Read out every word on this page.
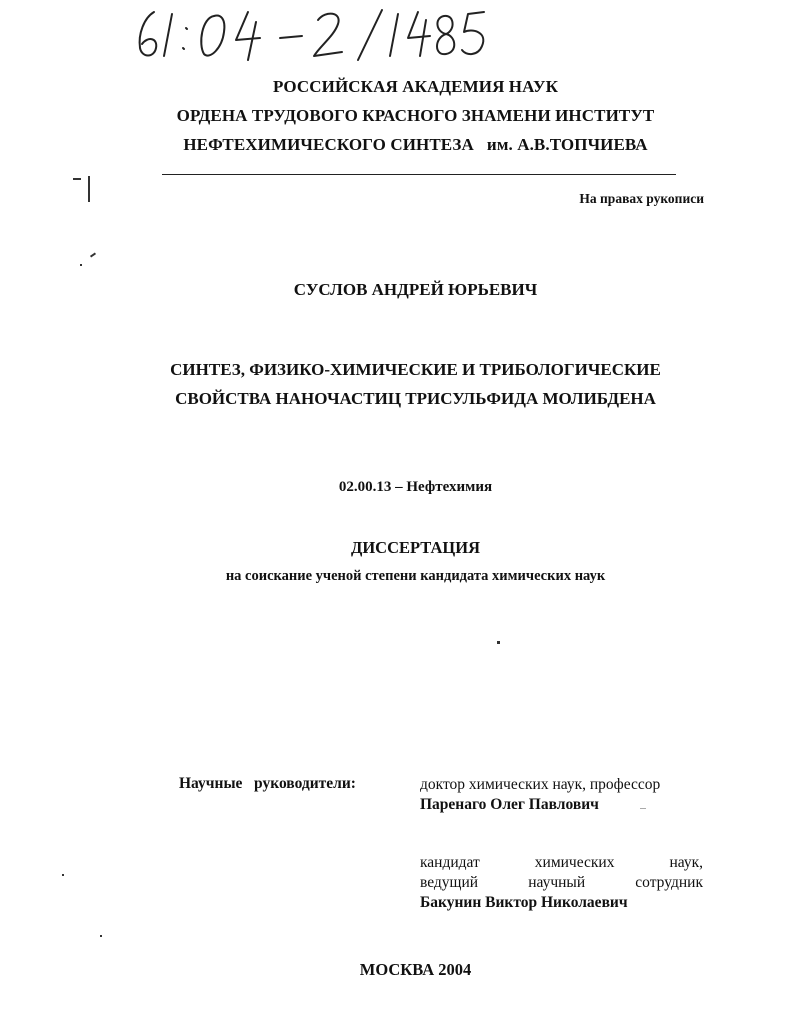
РОССИЙСКАЯ АКАДЕМИЯ НАУК
ОРДЕНА ТРУДОВОГО КРАСНОГО ЗНАМЕНИ ИНСТИТУТ
НЕФТЕХИМИЧЕСКОГО СИНТЕЗА   им. А.В.ТОПЧИЕВА
На правах рукописи
СУСЛОВ АНДРЕЙ ЮРЬЕВИЧ
СИНТЕЗ, ФИЗИКО-ХИМИЧЕСКИЕ И ТРИБОЛОГИЧЕСКИЕ
СВОЙСТВА НАНОЧАСТИЦ ТРИСУЛЬФИДА МОЛИБДЕНА
02.00.13 – Нефтехимия
ДИССЕРТАЦИЯ
на соискание ученой степени кандидата химических наук
Научные   руководители:	доктор химических наук, профессор
Паренаго Олег Павлович
кандидат	химических	наук,
ведущий	научный	сотрудник
Бакунин Виктор Николаевич
МОСКВА 2004
